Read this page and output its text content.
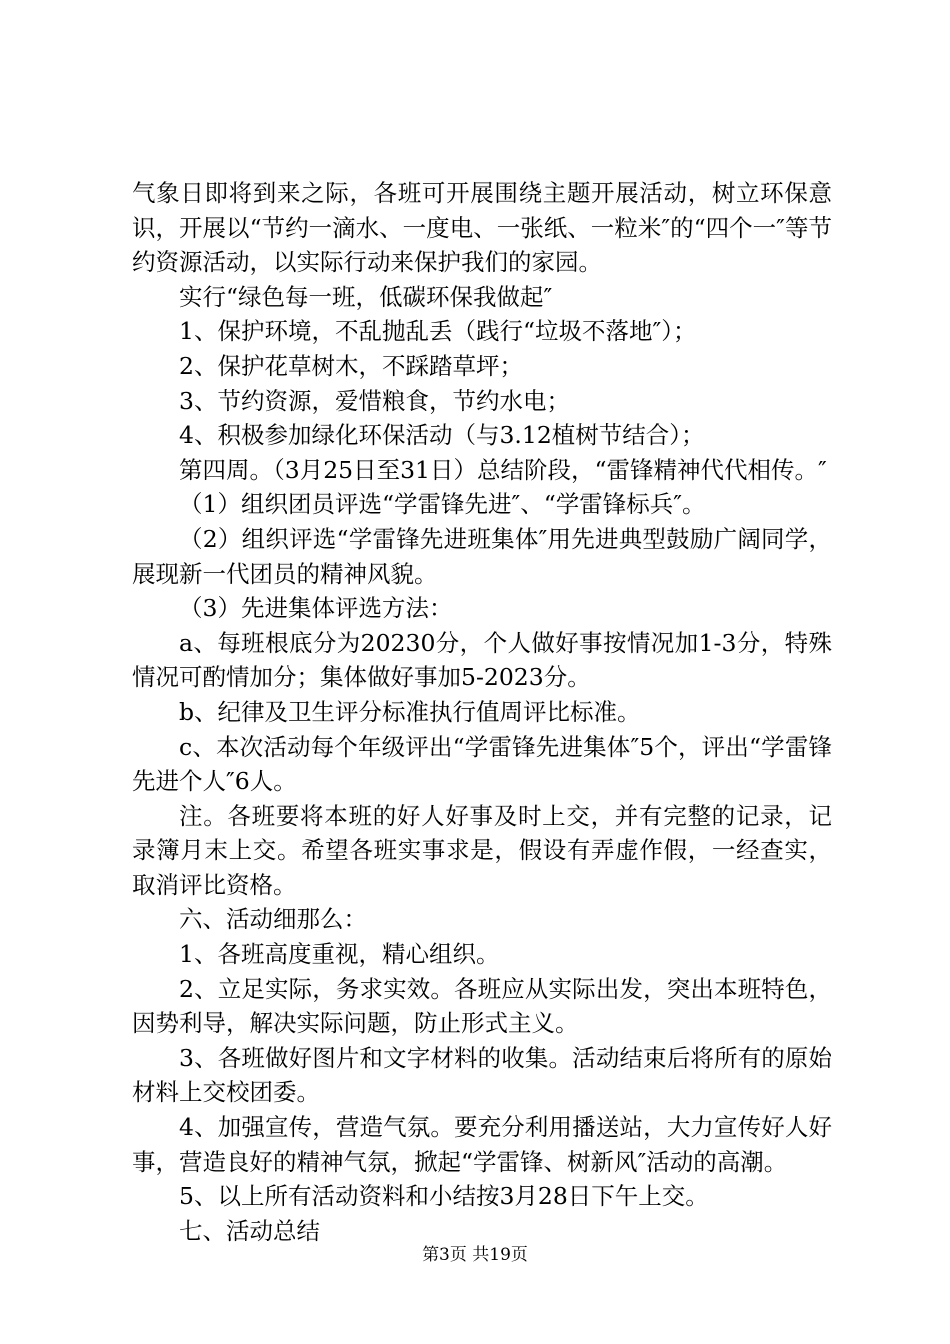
气象日即将到来之际，各班可开展围绕主题开展活动，树立环保意识，开展以“节约一滴水、一度电、一张纸、一粒米″的“四个一″等节约资源活动，以实际行动来保护我们的家园。

实行“绿色每一班，低碳环保我做起″

1、保护环境，不乱抛乱丢（践行“垃圾不落地″）；

2、保护花草树木，不踩踏草坪；

3、节约资源，爱惜粮食，节约水电；

4、积极参加绿化环保活动（与3.12植树节结合）；

第四周。（3月25日至31日）总结阶段，“雷锋精神代代相传。″

（1）组织团员评选“学雷锋先进″、“学雷锋标兵″。

（2）组织评选“学雷锋先进班集体″用先进典型鼓励广阔同学，展现新一代团员的精神风貌。

（3）先进集体评选方法：

a、每班根底分为20230分，个人做好事按情况加1-3分，特殊情况可酌情加分；集体做好事加5-2023分。

b、纪律及卫生评分标准执行值周评比标准。

c、本次活动每个年级评出“学雷锋先进集体″5个，评出“学雷锋先进个人″6人。

注。各班要将本班的好人好事及时上交，并有完整的记录，记录簿月末上交。希望各班实事求是，假设有弄虚作假，一经查实，取消评比资格。

六、活动细那么：

1、各班高度重视，精心组织。

2、立足实际，务求实效。各班应从实际出发，突出本班特色，因势利导，解决实际问题，防止形式主义。

3、各班做好图片和文字材料的收集。活动结束后将所有的原始材料上交校团委。

4、加强宣传，营造气氛。要充分利用播送站，大力宣传好人好事，营造良好的精神气氛，掀起“学雷锋、树新风″活动的高潮。

5、以上所有活动资料和小结按3月28日下午上交。

七、活动总结

第3页 共19页
